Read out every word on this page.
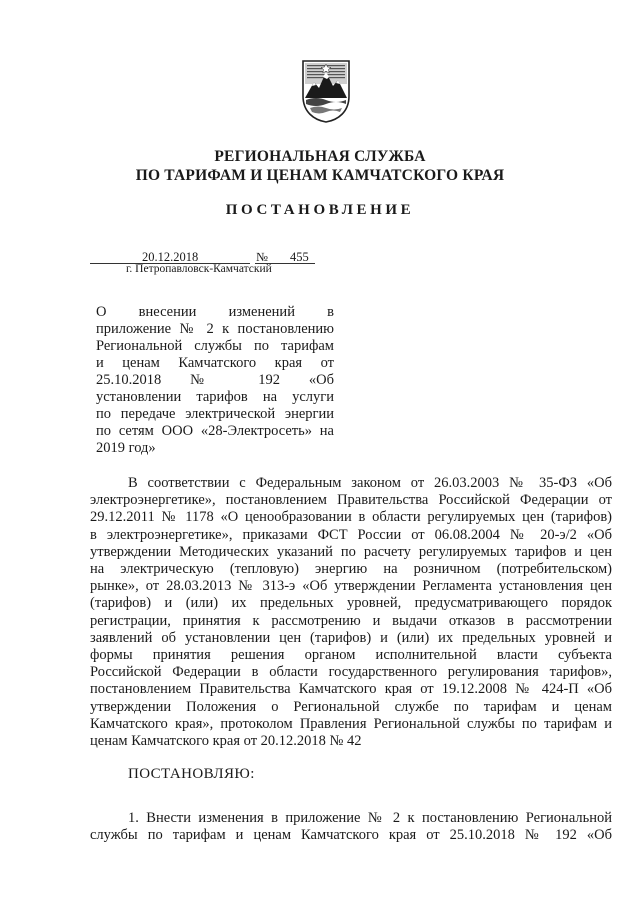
РЕГИОНАЛЬНАЯ СЛУЖБА
ПО ТАРИФАМ И ЦЕНАМ КАМЧАТСКОГО КРАЯ
ПОСТАНОВЛЕНИЕ
20.12.2018	№ 455
г. Петропавловск-Камчатский
О внесении изменений в
приложение № 2 к постановлению
Региональной службы по тарифам
и ценам Камчатского края от
25.10.2018 № 192 «Об
установлении тарифов на услуги
по передаче электрической энергии
по сетям ООО «28-Электросеть» на
2019 год»
В соответствии с Федеральным законом от 26.03.2003 № 35-ФЗ «Об
электроэнергетике», постановлением Правительства Российской Федерации от
29.12.2011 № 1178 «О ценообразовании в области регулируемых цен (тарифов)
в электроэнергетике», приказами ФСТ России от 06.08.2004 № 20-э/2 «Об
утверждении Методических указаний по расчету регулируемых тарифов и цен
на электрическую (тепловую) энергию на розничном (потребительском)
рынке», от 28.03.2013 № 313-э «Об утверждении Регламента установления цен
(тарифов) и (или) их предельных уровней, предусматривающего порядок
регистрации, принятия к рассмотрению и выдачи отказов в рассмотрении
заявлений об установлении цен (тарифов) и (или) их предельных уровней и
формы принятия решения органом исполнительной власти субъекта
Российской Федерации в области государственного регулирования тарифов»,
постановлением Правительства Камчатского края от 19.12.2008 № 424-П «Об
утверждении Положения о Региональной службе по тарифам и ценам
Камчатского края», протоколом Правления Региональной службы по тарифам и
ценам Камчатского края от 20.12.2018 № 42
ПОСТАНОВЛЯЮ:
1. Внести изменения в приложение № 2 к постановлению Региональной
службы по тарифам и ценам Камчатского края от 25.10.2018 № 192 «Об
